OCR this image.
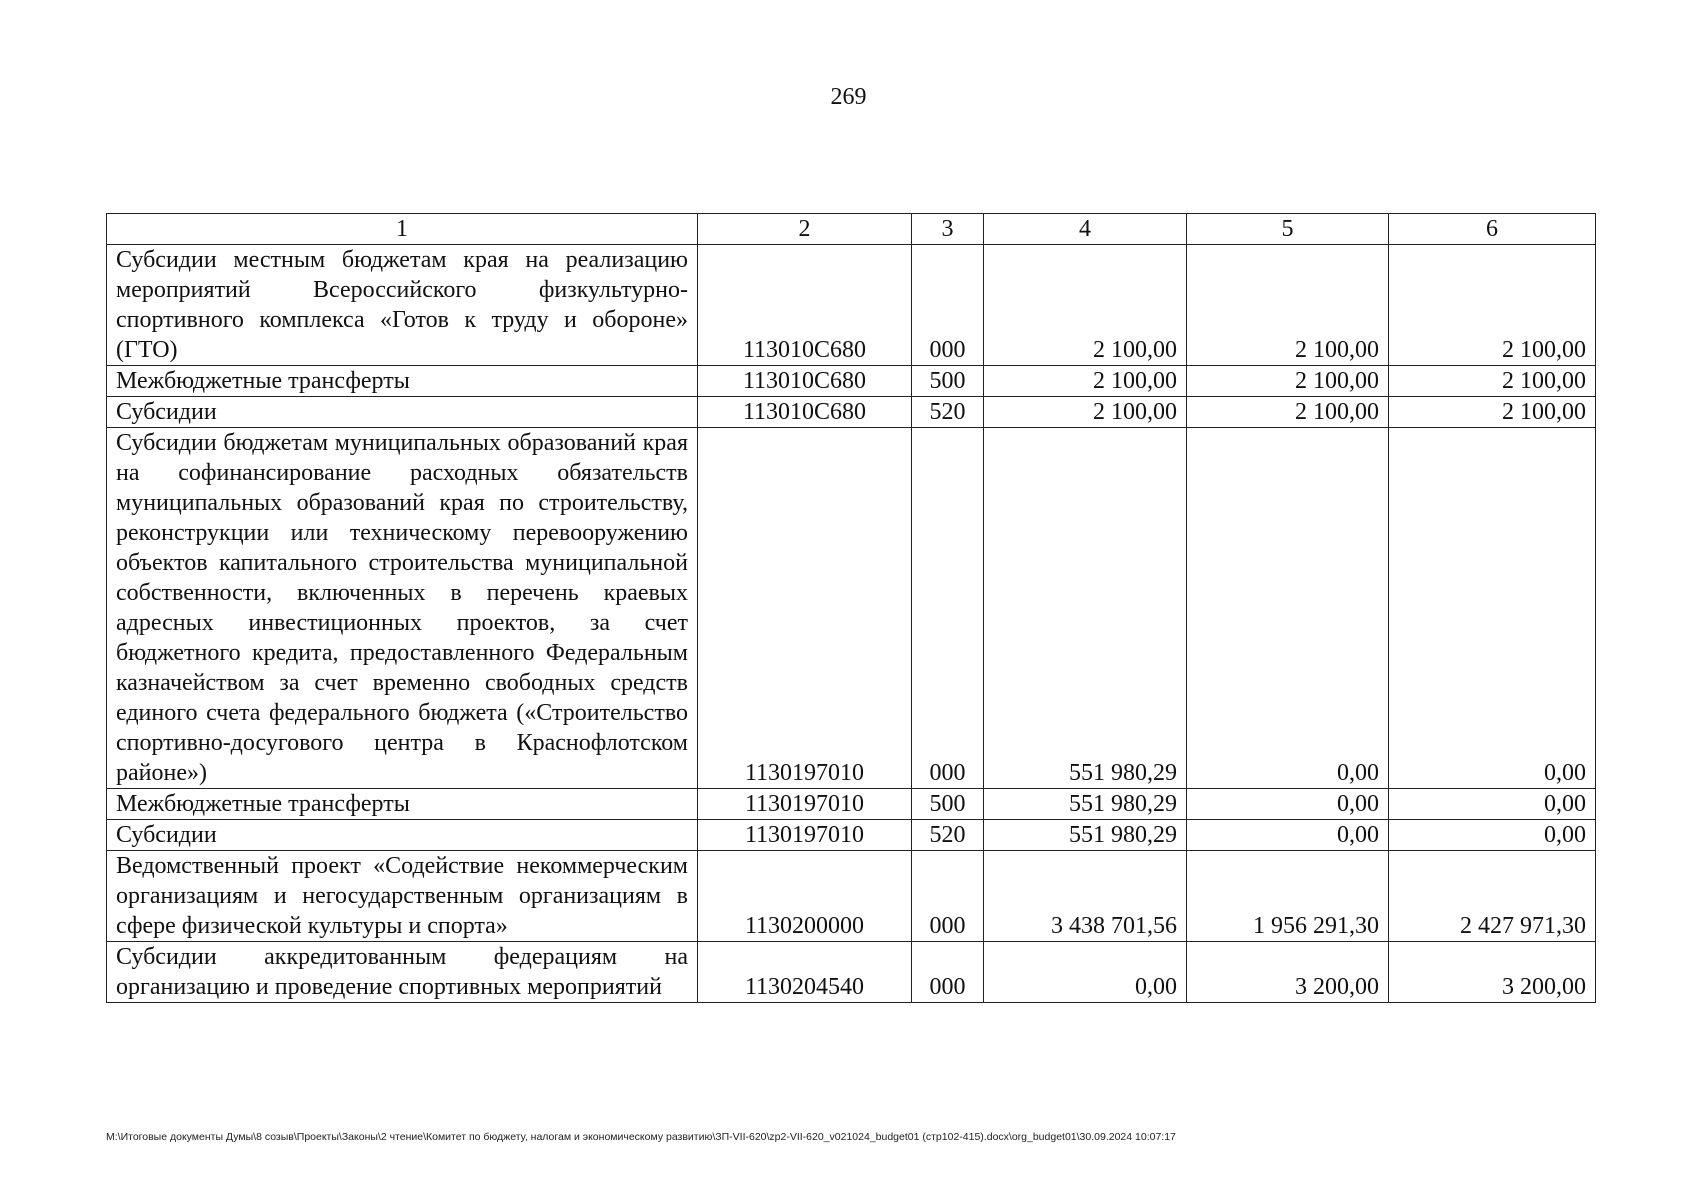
269
1	2	3	4	5	6
Субсидии местным бюджетам края на реализацию мероприятий Всероссийского физкультурно-спортивного комплекса «Готов к труду и обороне» (ГТО)	113010С680	000	2 100,00	2 100,00	2 100,00
Межбюджетные трансферты	113010С680	500	2 100,00	2 100,00	2 100,00
Субсидии	113010С680	520	2 100,00	2 100,00	2 100,00
Субсидии бюджетам муниципальных образований края на софинансирование расходных обязательств муниципальных образований края по строительству, реконструкции или техническому перевооружению объектов капитального строительства муниципальной собственности, включенных в перечень краевых адресных инвестиционных проектов, за счет бюджетного кредита, предоставленного Федеральным казначейством за счет временно свободных средств единого счета федерального бюджета («Строительство спортивно-досугового центра в Краснофлотском районе»)	1130197010	000	551 980,29	0,00	0,00
Межбюджетные трансферты	1130197010	500	551 980,29	0,00	0,00
Субсидии	1130197010	520	551 980,29	0,00	0,00
Ведомственный проект «Содействие некоммерческим организациям и негосударственным организациям в сфере физической культуры и спорта»	1130200000	000	3 438 701,56	1 956 291,30	2 427 971,30
Субсидии аккредитованным федерациям на организацию и проведение спортивных мероприятий	1130204540	000	0,00	3 200,00	3 200,00
M:\Итоговые документы Думы\8 созыв\Проекты\Законы\2 чтение\Комитет по бюджету, налогам и экономическому развитию\ЗП-VII-620\zp2-VII-620_v021024_budget01 (стр102-415).docx\org_budget01\30.09.2024 10:07:17
